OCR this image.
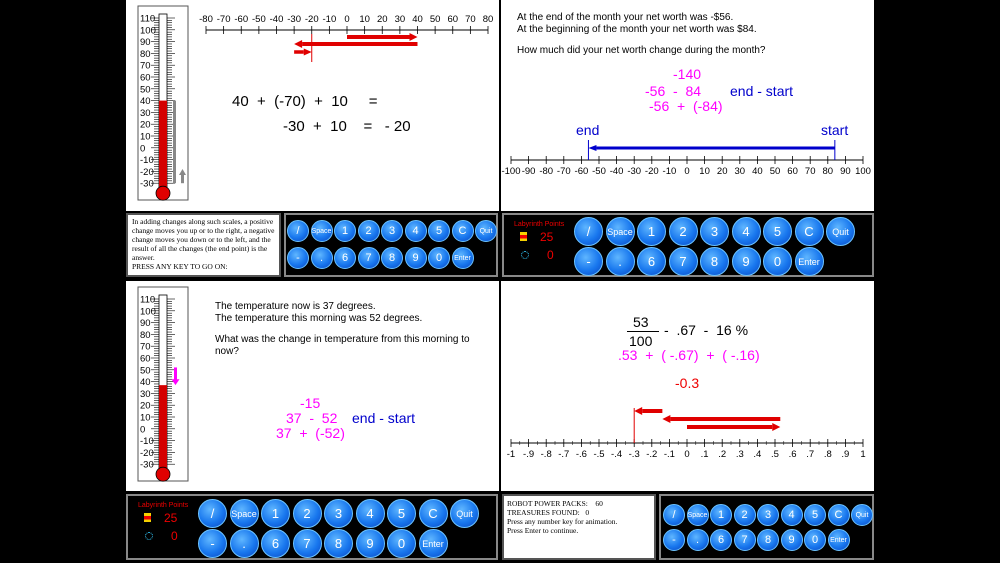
110
100
90
80
70
60
50
40
30
20
10
0
-10
-20
-30
-80 -70 -60 -50 -40 -30 -20 -10 0 10 20 30 40 50 60 70 80
40  +  (-70)  +  10     =
-30  +  10    =   - 20
At the end of the month your net worth was -$56.
At the beginning of the month your net worth was $84.
How much did your net worth change during the month?
-140
-56  -  84 end - start
-56  +  (-84)
end	start
-100 -90 -80 -70 -60 -50 -40 -30 -20 -10 0 10 20 30 40 50 60 70 80 90 100
In adding changes along such scales, a positive change moves you up or to the right, a negative change moves you down or to the left, and the result of all the changes (the end point) is the answer.
PRESS ANY KEY TO GO ON:
/	Space 1	2	3	4	5	C	Quit
-	.	6	7	8	9	0	Enter
/	Space	1	2	3	4	5	C	Quit
-	.	6	7	8	9	0	Enter
Labyrinth Points
25
0
110
100
90
80
70
60
50
40
30
20
10
0
-10
-20
-30
The temperature now is 37 degrees.
The temperature this morning was 52 degrees.
What was the change in temperature from this morning to now?
-15
37  -  52 end - start
37  +  (-52)
53
100
-  .67  -  16 %
.53  +  ( -.67)  +  ( -.16)
-0.3
-1 -.9 -.8 -.7 -.6 -.5 -.4 -.3 -.2 -.1 0 .1 .2 .3 .4 .5 .6 .7 .8 .9 1
/	Space	1	2	3	4	5	C	Quit
-	.	6	7	8	9	0	Enter
Labyrinth Points
25
0
ROBOT POWER PACKS:    60
TREASURES FOUND:   0
Press any number key for animation.
Press Enter to continue.
/	Space 1	2	3	4	5	C	Quit
-	.	6	7	8	9	0	Enter
